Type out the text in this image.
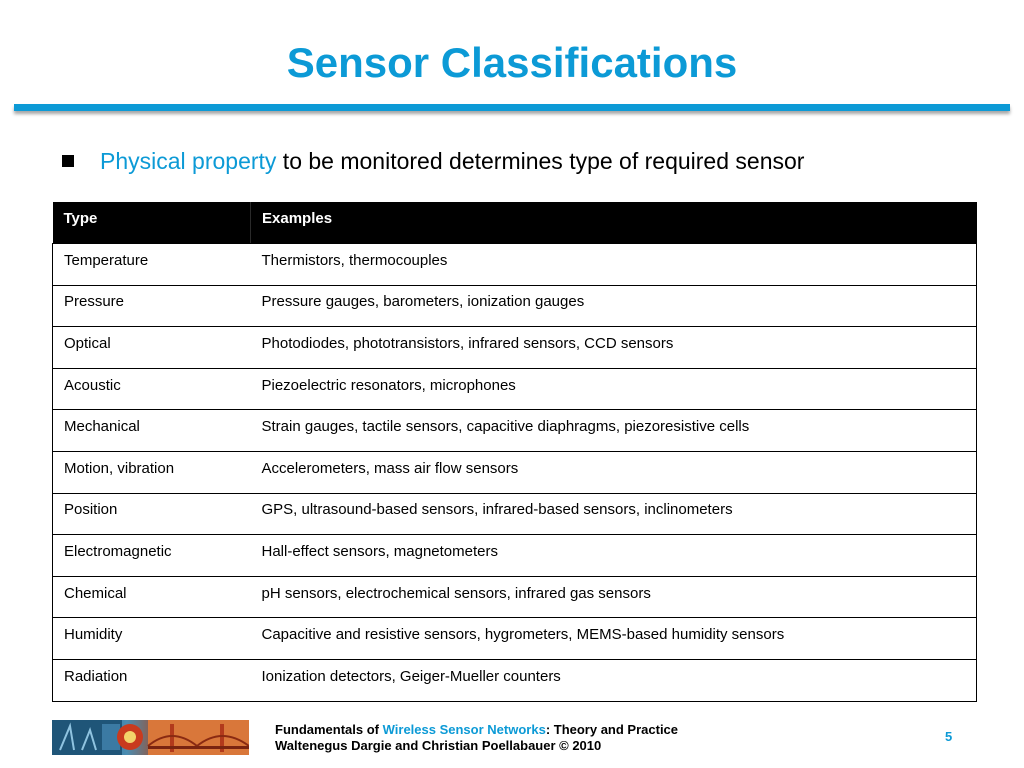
Sensor Classifications
Physical property to be monitored determines type of required sensor
Type	Examples
Temperature	Thermistors, thermocouples
Pressure	Pressure gauges, barometers, ionization gauges
Optical	Photodiodes, phototransistors, infrared sensors, CCD sensors
Acoustic	Piezoelectric resonators, microphones
Mechanical	Strain gauges, tactile sensors, capacitive diaphragms, piezoresistive cells
Motion, vibration	Accelerometers, mass air flow sensors
Position	GPS, ultrasound-based sensors, infrared-based sensors, inclinometers
Electromagnetic	Hall-effect sensors, magnetometers
Chemical	pH sensors, electrochemical sensors, infrared gas sensors
Humidity	Capacitive and resistive sensors, hygrometers, MEMS-based humidity sensors
Radiation	Ionization detectors, Geiger-Mueller counters
Fundamentals of Wireless Sensor Networks: Theory and Practice
Waltenegus Dargie and Christian Poellabauer © 2010
5
